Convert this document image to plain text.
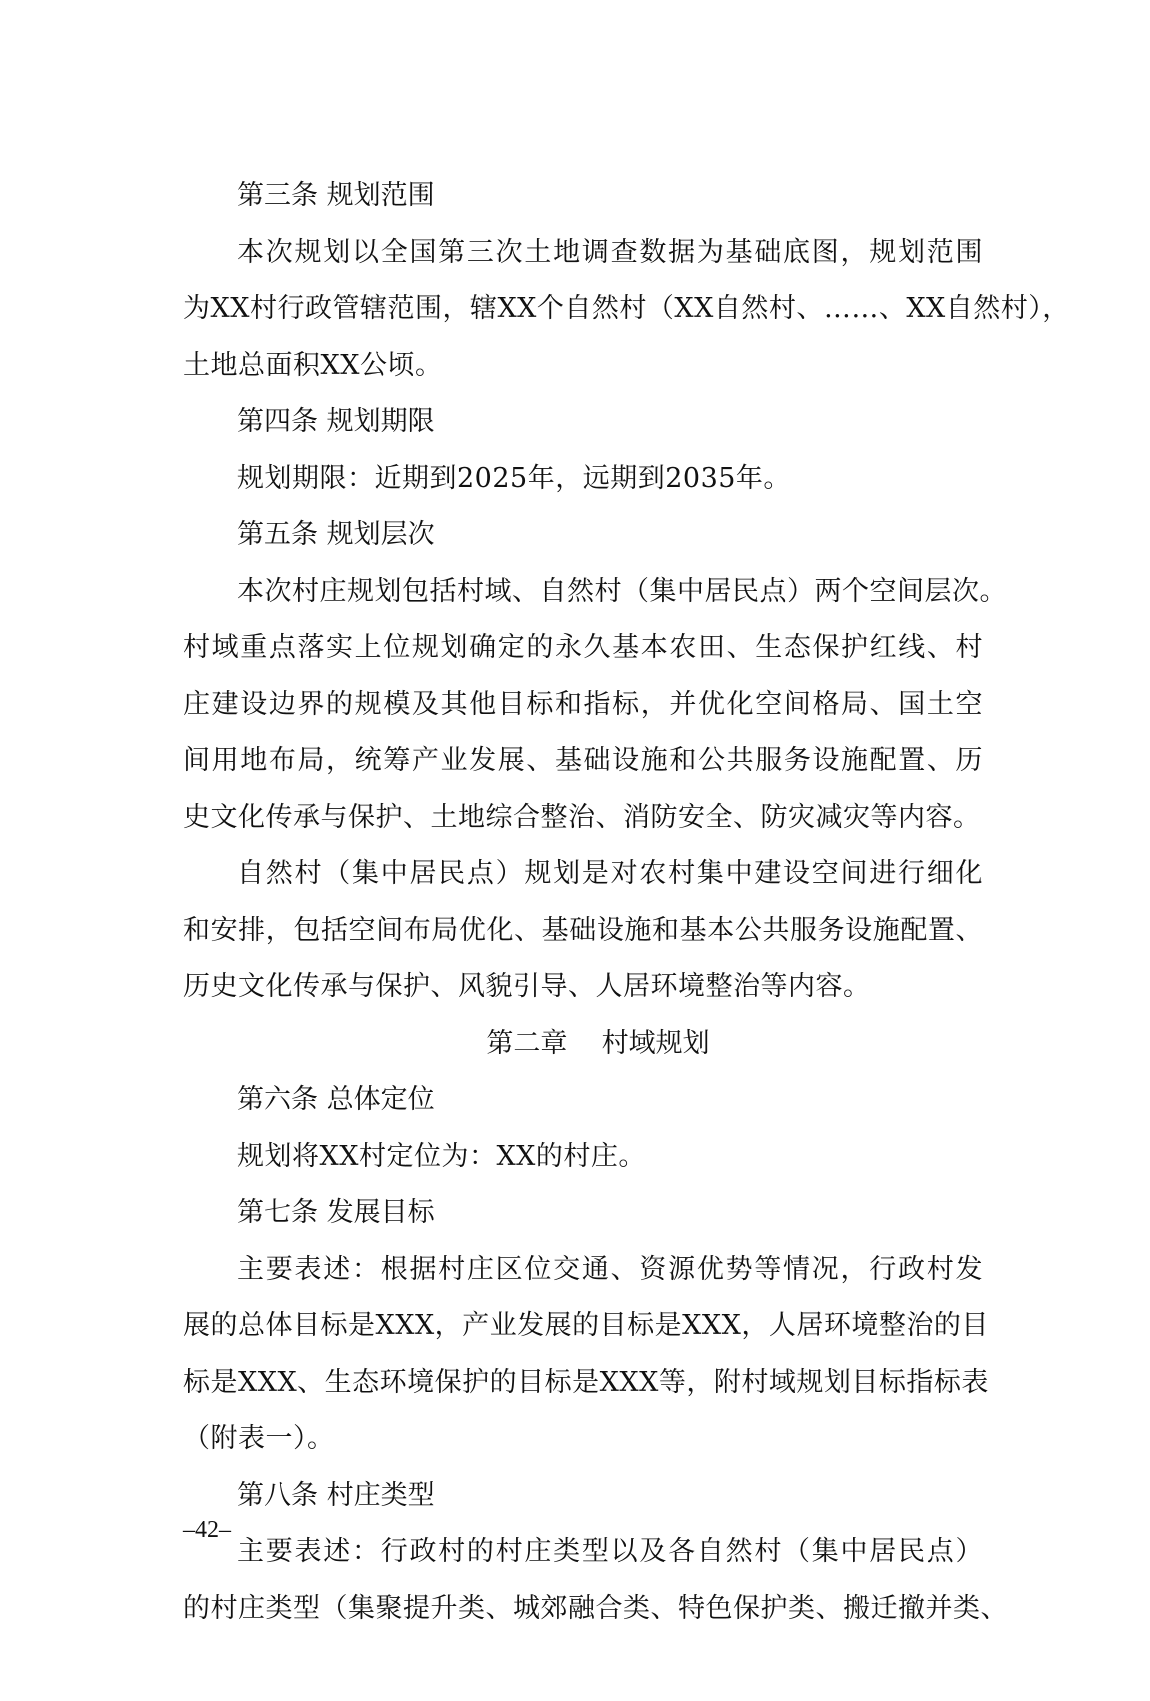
第三条 规划范围
本次规划以全国第三次土地调查数据为基础底图，规划范围
为XX村行政管辖范围，辖XX个自然村（XX自然村、……、XX自然村），
土地总面积XX公顷。
第四条 规划期限
规划期限：近期到2025年，远期到2035年。
第五条 规划层次
本次村庄规划包括村域、自然村（集中居民点）两个空间层次。
村域重点落实上位规划确定的永久基本农田、生态保护红线、村
庄建设边界的规模及其他目标和指标，并优化空间格局、国土空
间用地布局，统筹产业发展、基础设施和公共服务设施配置、历
史文化传承与保护、土地综合整治、消防安全、防灾减灾等内容。
自然村（集中居民点）规划是对农村集中建设空间进行细化
和安排，包括空间布局优化、基础设施和基本公共服务设施配置、
历史文化传承与保护、风貌引导、人居环境整治等内容。
第二章    村域规划
第六条 总体定位
规划将XX村定位为：XX的村庄。
第七条 发展目标
主要表述：根据村庄区位交通、资源优势等情况，行政村发
展的总体目标是XXX，产业发展的目标是XXX，人居环境整治的目
标是XXX、生态环境保护的目标是XXX等，附村域规划目标指标表
（附表一）。
第八条 村庄类型
主要表述：行政村的村庄类型以及各自然村（集中居民点）
的村庄类型（集聚提升类、城郊融合类、特色保护类、搬迁撤并类、
–42–
